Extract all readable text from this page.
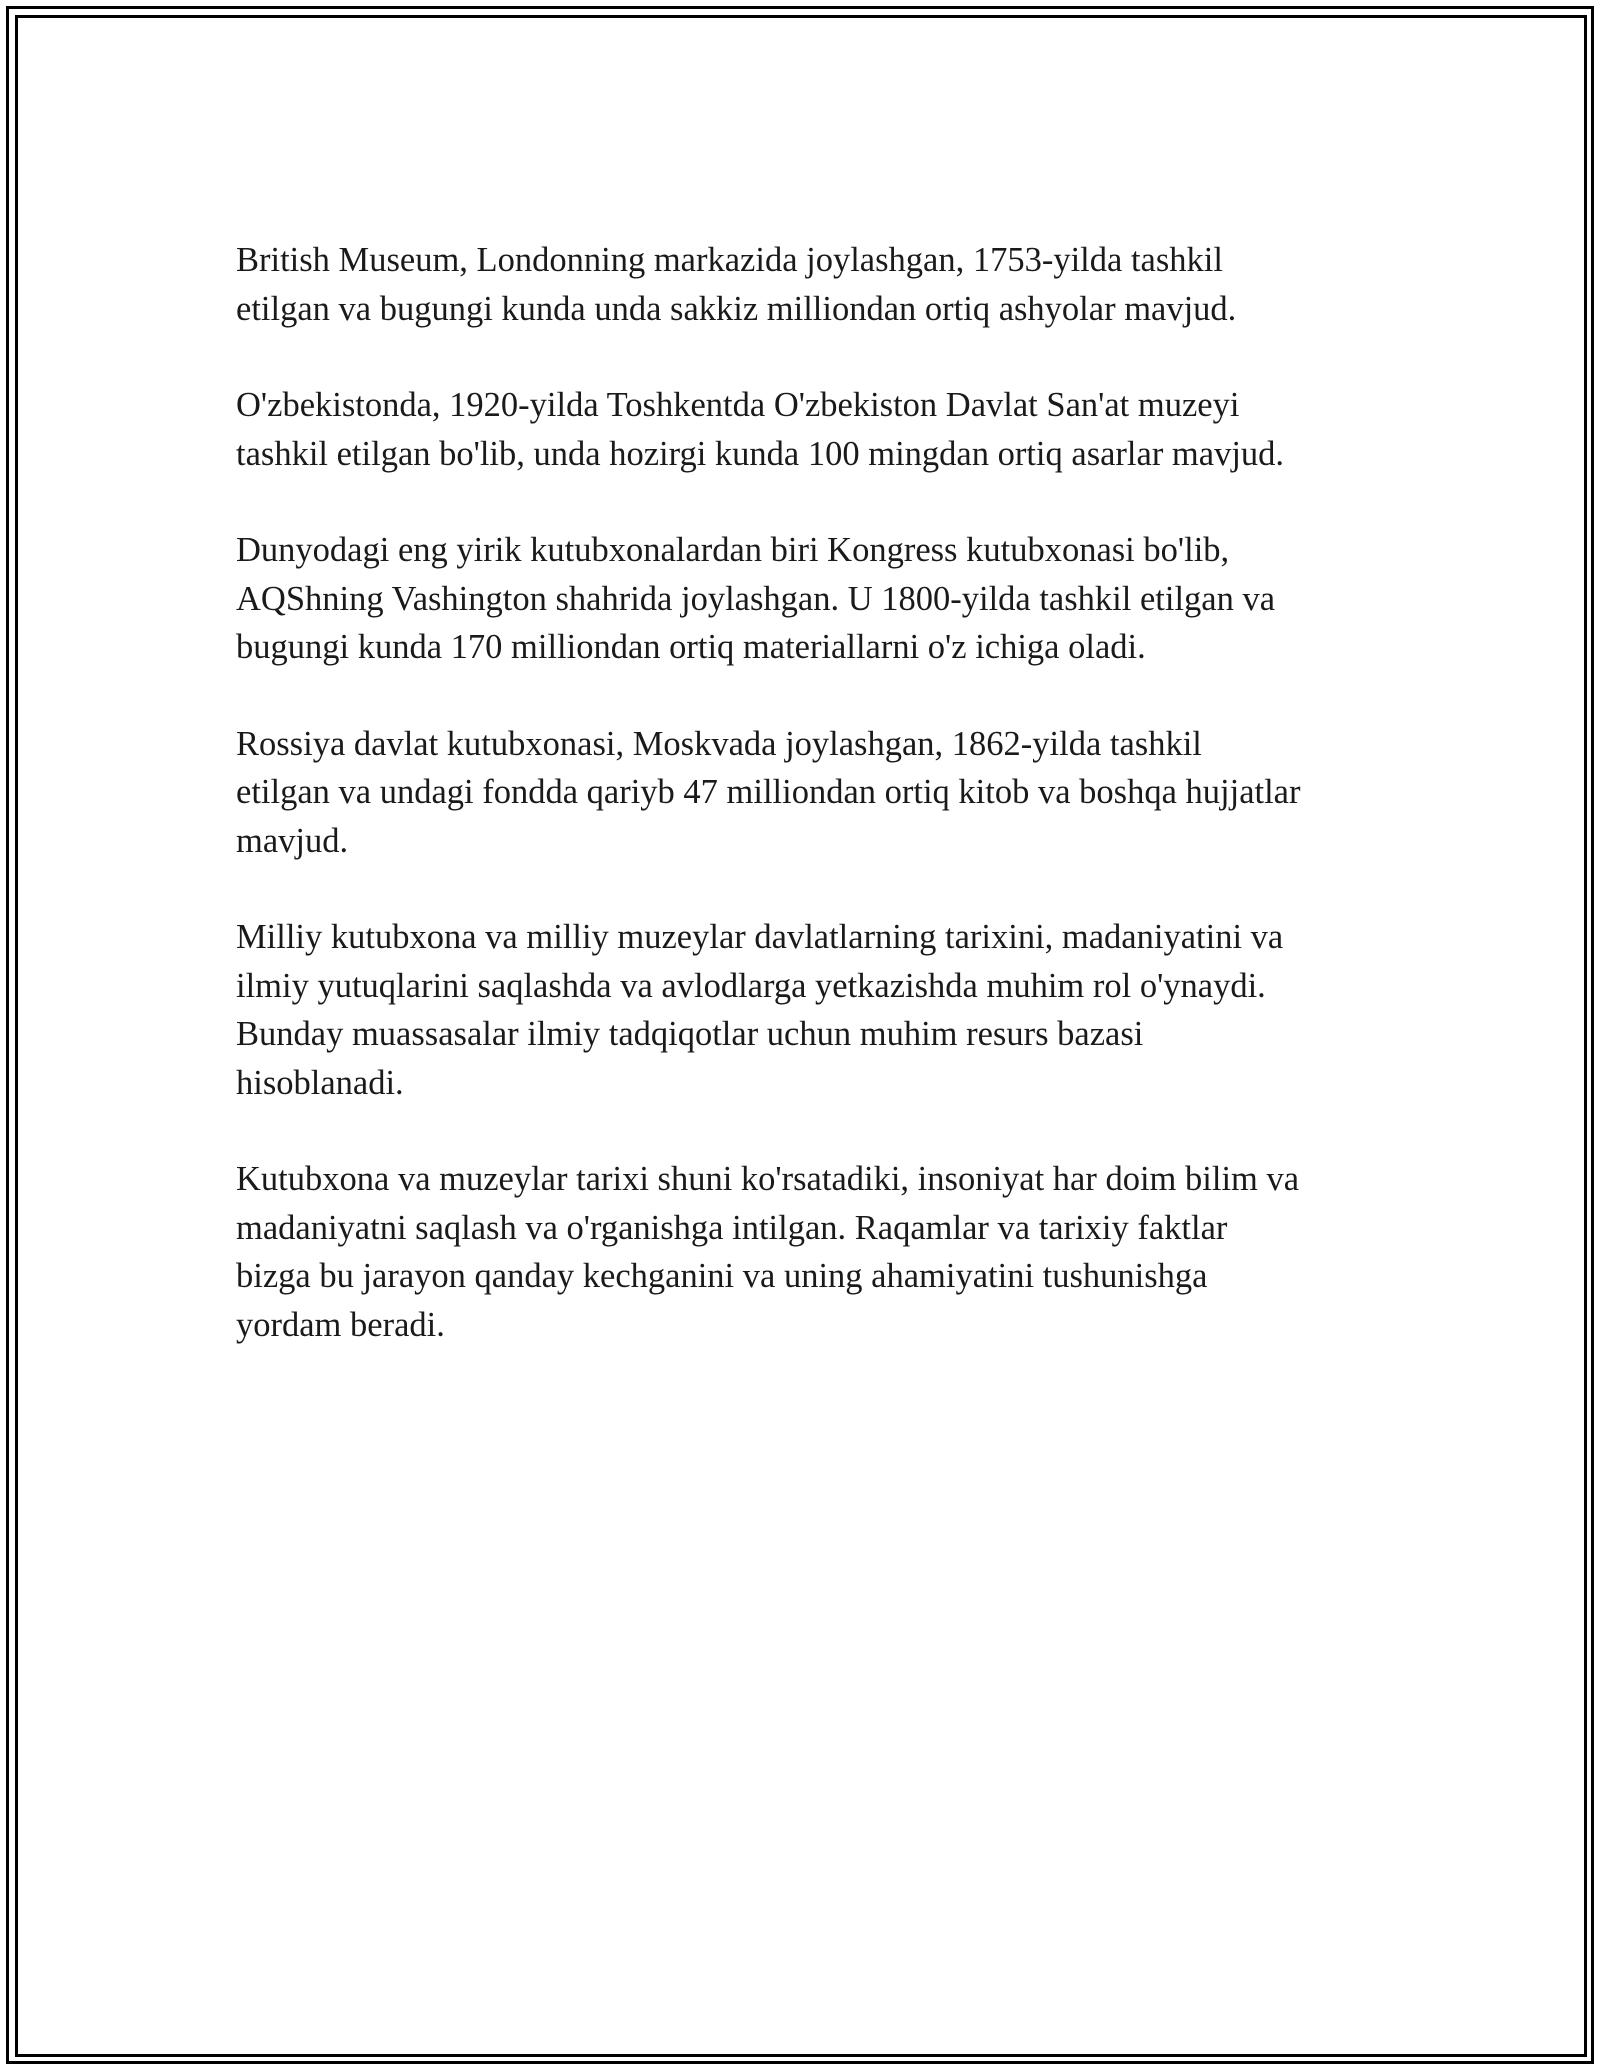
British Museum, Londonning markazida joylashgan, 1753-yilda tashkil
etilgan va bugungi kunda unda sakkiz milliondan ortiq ashyolar mavjud.

O'zbekistonda, 1920-yilda Toshkentda O'zbekiston Davlat San'at muzeyi
tashkil etilgan bo'lib, unda hozirgi kunda 100 mingdan ortiq asarlar mavjud.

Dunyodagi eng yirik kutubxonalardan biri Kongress kutubxonasi bo'lib,
AQShning Vashington shahrida joylashgan. U 1800-yilda tashkil etilgan va
bugungi kunda 170 milliondan ortiq materiallarni o'z ichiga oladi.

Rossiya davlat kutubxonasi, Moskvada joylashgan, 1862-yilda tashkil
etilgan va undagi fondda qariyb 47 milliondan ortiq kitob va boshqa hujjatlar
mavjud.

Milliy kutubxona va milliy muzeylar davlatlarning tarixini, madaniyatini va
ilmiy yutuqlarini saqlashda va avlodlarga yetkazishda muhim rol o'ynaydi.
Bunday muassasalar ilmiy tadqiqotlar uchun muhim resurs bazasi
hisoblanadi.

Kutubxona va muzeylar tarixi shuni ko'rsatadiki, insoniyat har doim bilim va
madaniyatni saqlash va o'rganishga intilgan. Raqamlar va tarixiy faktlar
bizga bu jarayon qanday kechganini va uning ahamiyatini tushunishga
yordam beradi.
